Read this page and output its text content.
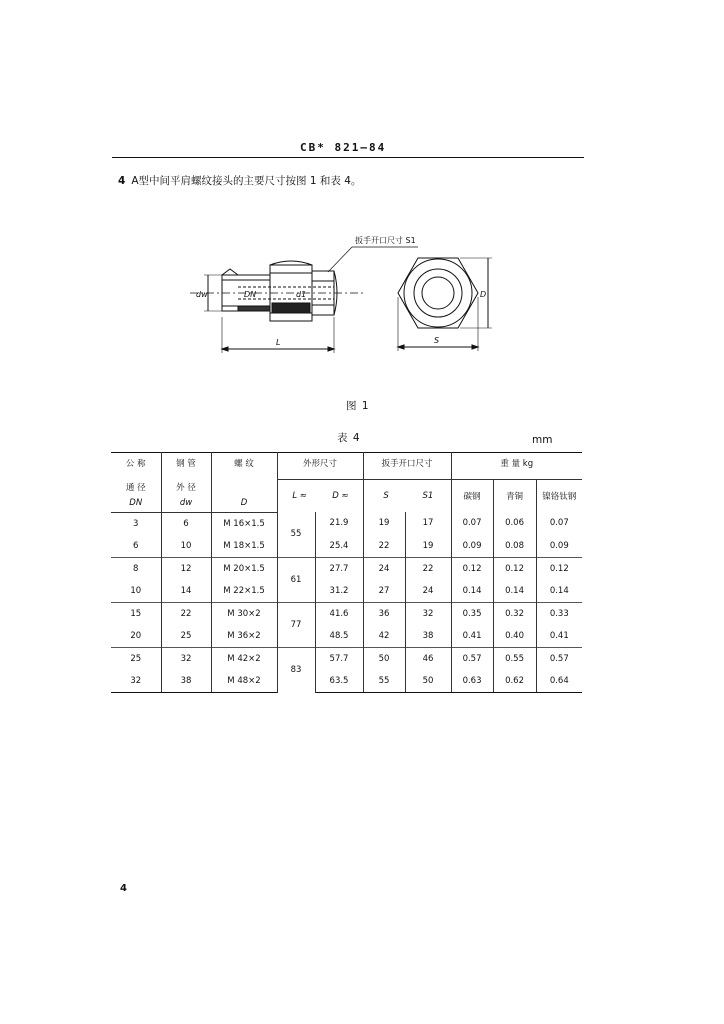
CB* 821—84
4 A型中间平肩螺纹接头的主要尺寸按图 1 和表 4。
扳手开口尺寸 S1
dw	DN	d1
L
D
S
图 1
表 4	mm
公 称	钢 管	螺 纹	外形尺寸		扳手开口尺寸		重 量 kg		
通 径	外 径		L ≈ D ≈		S S1		碳钢	青铜	镍铬钛钢
DN	dw	D							
3	6	M 16×1.5	55	21.9	19	17	0.07	0.06	0.07
6	10	M 18×1.5		25.4	22	19	0.09	0.08	0.09
8	12	M 20×1.5	61	27.7	24	22	0.12	0.12	0.12
10	14	M 22×1.5		31.2	27	24	0.14	0.14	0.14
15	22	M 30×2	77	41.6	36	32	0.35	0.32	0.33
20	25	M 36×2		48.5	42	38	0.41	0.40	0.41
25	32	M 42×2	83	57.7	50	46	0.57	0.55	0.57
32	38	M 48×2		63.5	55	50	0.63	0.62	0.64
4
